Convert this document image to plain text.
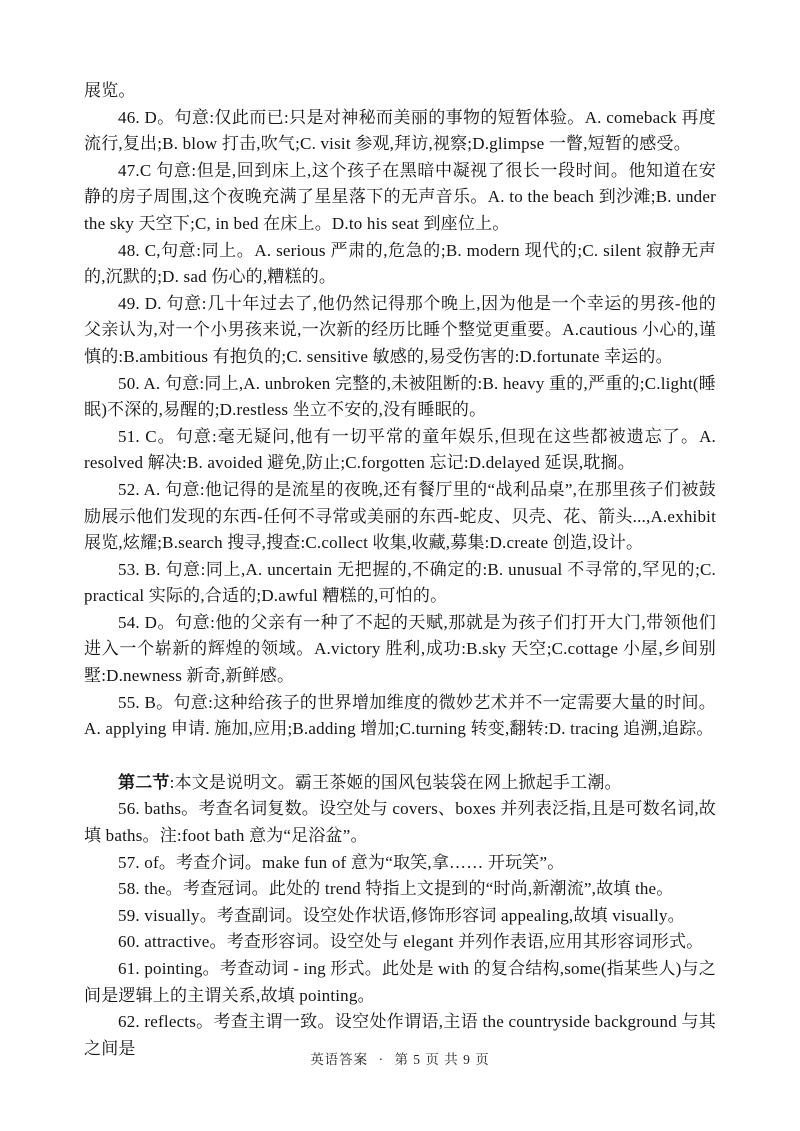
展览。

46. D。句意:仅此而已:只是对神秘而美丽的事物的短暂体验。A. comeback 再度流行,复出;B. blow 打击,吹气;C. visit 参观,拜访,视察;D.glimpse 一瞥,短暂的感受。

47.C 句意:但是,回到床上,这个孩子在黑暗中凝视了很长一段时间。他知道在安静的房子周围,这个夜晚充满了星星落下的无声音乐。A. to the beach 到沙滩;B. under the sky 天空下;C, in bed 在床上。D.to his seat 到座位上。

48. C,句意:同上。A. serious 严肃的,危急的;B. modern 现代的;C. silent 寂静无声的,沉默的;D. sad 伤心的,糟糕的。

49. D. 句意:几十年过去了,他仍然记得那个晚上,因为他是一个幸运的男孩-他的父亲认为,对一个小男孩来说,一次新的经历比睡个整觉更重要。A.cautious 小心的,谨慎的:B.ambitious 有抱负的;C. sensitive 敏感的,易受伤害的:D.fortunate 幸运的。

50. A. 句意:同上,A. unbroken 完整的,未被阻断的:B. heavy 重的,严重的;C.light(睡眠)不深的,易醒的;D.restless 坐立不安的,没有睡眠的。

51. C。句意:毫无疑问,他有一切平常的童年娱乐,但现在这些都被遗忘了。A. resolved 解决:B. avoided 避免,防止;C.forgotten 忘记:D.delayed 延误,耽搁。

52. A. 句意:他记得的是流星的夜晚,还有餐厅里的“战利品桌”,在那里孩子们被鼓励展示他们发现的东西-任何不寻常或美丽的东西-蛇皮、贝壳、花、箭头...,A.exhibit 展览,炫耀;B.search 搜寻,搜查:C.collect 收集,收藏,募集:D.create 创造,设计。

53. B. 句意:同上,A. uncertain 无把握的,不确定的:B. unusual 不寻常的,罕见的;C. practical 实际的,合适的;D.awful 糟糕的,可怕的。

54. D。句意:他的父亲有一种了不起的天赋,那就是为孩子们打开大门,带领他们进入一个崭新的辉煌的领域。A.victory 胜利,成功:B.sky 天空;C.cottage 小屋,乡间别墅:D.newness 新奇,新鲜感。

55. B。句意:这种给孩子的世界增加维度的微妙艺术并不一定需要大量的时间。A. applying 申请. 施加,应用;B.adding 增加;C.turning 转变,翻转:D. tracing 追溯,追踪。

第二节:本文是说明文。霸王茶姬的国风包装袋在网上掀起手工潮。

56. baths。考查名词复数。设空处与 covers、boxes 并列表泛指,且是可数名词,故填 baths。注:foot bath 意为“足浴盆”。

57. of。考查介词。make fun of 意为“取笑,拿…… 开玩笑”。

58. the。考查冠词。此处的 trend 特指上文提到的“时尚,新潮流”,故填 the。

59. visually。考查副词。设空处作状语,修饰形容词 appealing,故填 visually。

60. attractive。考查形容词。设空处与 elegant 并列作表语,应用其形容词形式。

61. pointing。考查动词 - ing 形式。此处是 with 的复合结构,some(指某些人)与之间是逻辑上的主谓关系,故填 pointing。

62. reflects。考查主谓一致。设空处作谓语,主语 the countryside background 与其之间是

英语答案 · 第 5 页 共 9 页
